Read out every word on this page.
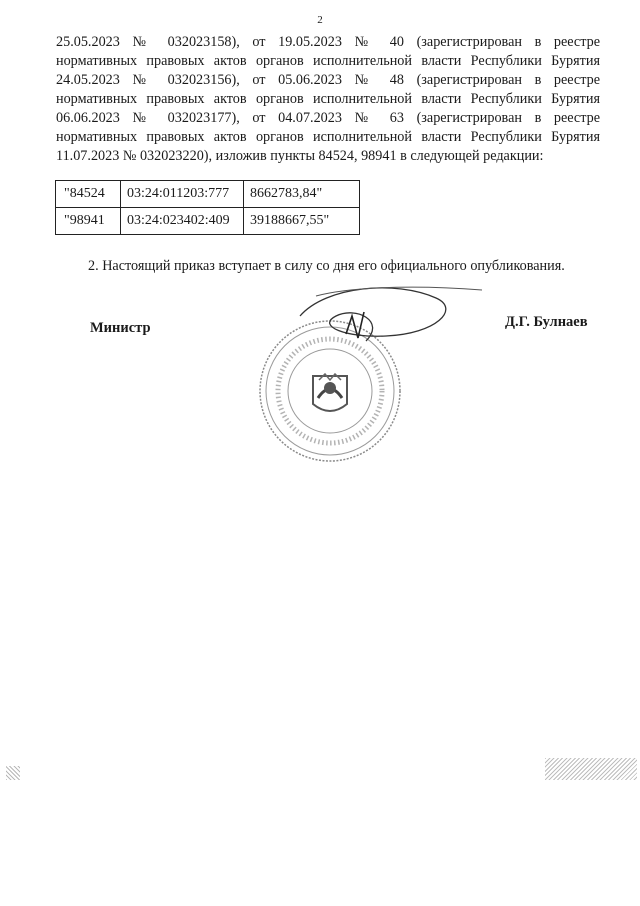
2
25.05.2023 № 032023158), от 19.05.2023 № 40 (зарегистрирован в реестре
нормативных правовых актов органов исполнительной власти Республики Бурятия
24.05.2023 № 032023156), от 05.06.2023 № 48 (зарегистрирован в реестре
нормативных правовых актов органов исполнительной власти Республики Бурятия
06.06.2023 № 032023177), от 04.07.2023 № 63 (зарегистрирован в реестре
нормативных правовых актов органов исполнительной власти Республики Бурятия
11.07.2023 № 032023220), изложив пункты 84524, 98941 в следующей редакции:
"84524	03:24:011203:777	8662783,84"
"98941	03:24:023402:409	39188667,55"
2. Настоящий приказ вступает в силу со дня его официального опубликования.
Министр	Д.Г. Булнаев
